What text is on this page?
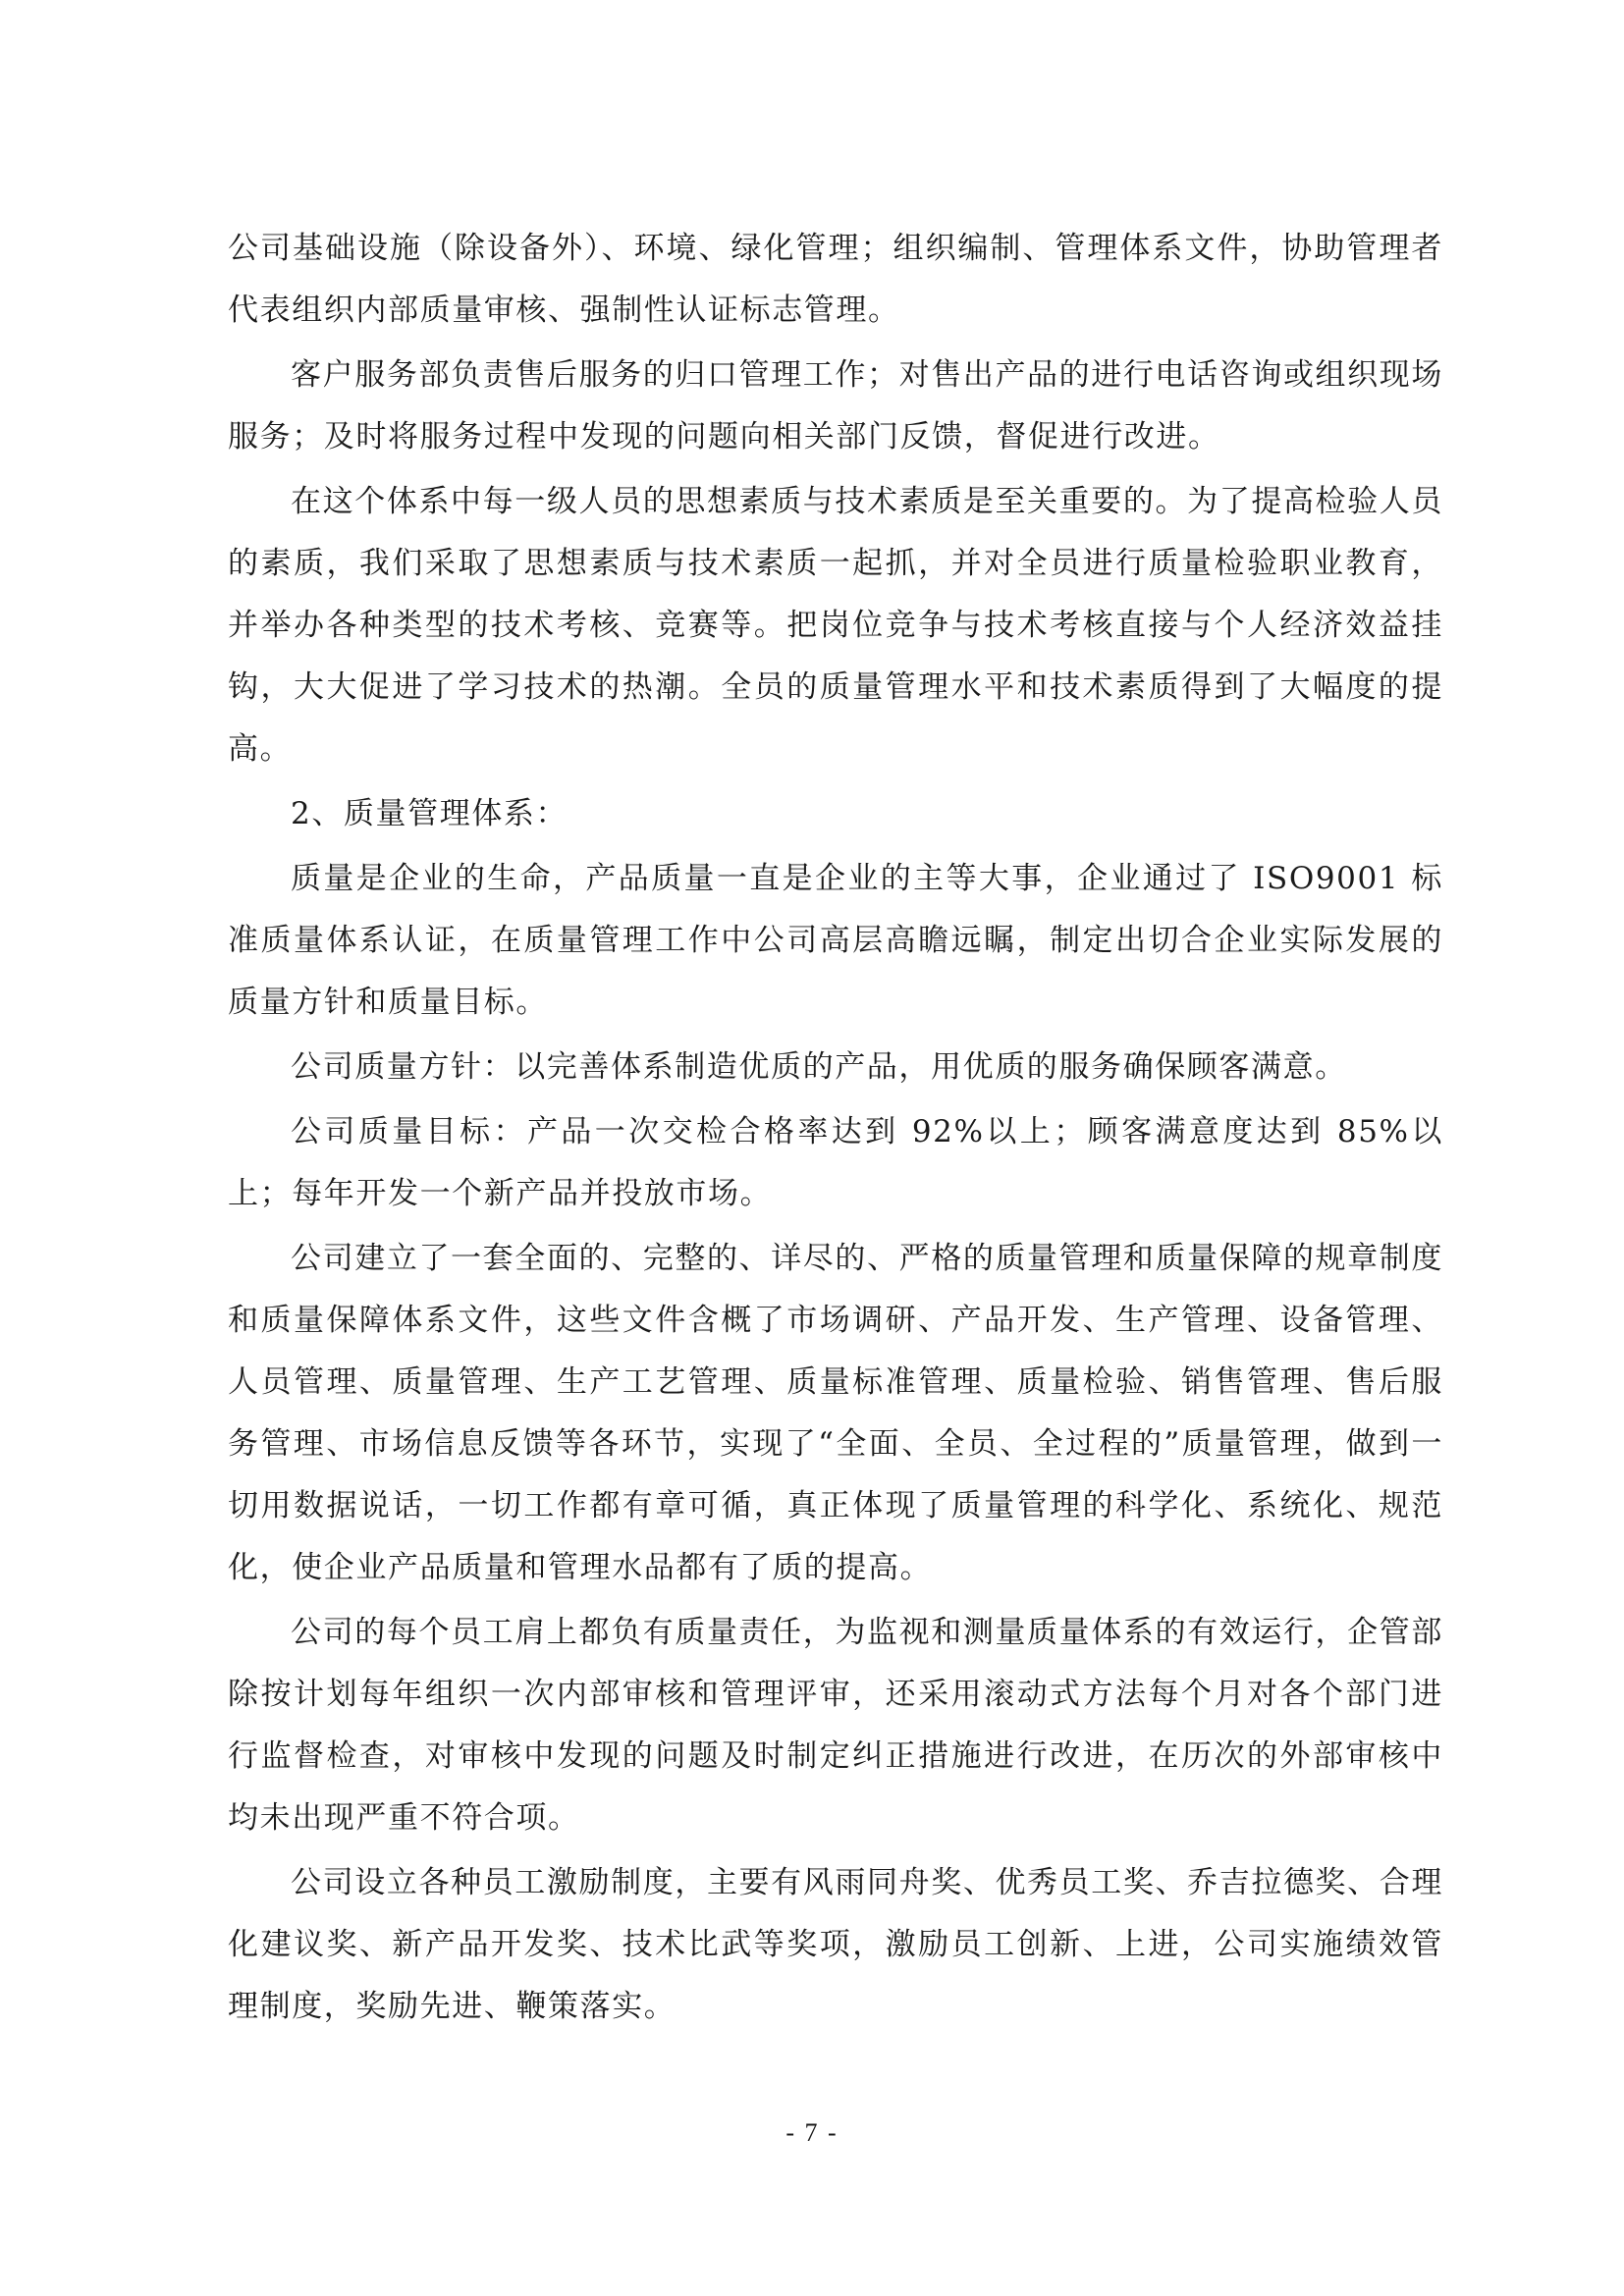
公司基础设施（除设备外）、环境、绿化管理；组织编制、管理体系文件，协助管理者代表组织内部质量审核、强制性认证标志管理。

客户服务部负责售后服务的归口管理工作；对售出产品的进行电话咨询或组织现场服务；及时将服务过程中发现的问题向相关部门反馈，督促进行改进。

在这个体系中每一级人员的思想素质与技术素质是至关重要的。为了提高检验人员的素质，我们采取了思想素质与技术素质一起抓，并对全员进行质量检验职业教育，并举办各种类型的技术考核、竞赛等。把岗位竞争与技术考核直接与个人经济效益挂钩，大大促进了学习技术的热潮。全员的质量管理水平和技术素质得到了大幅度的提高。

2、质量管理体系：

质量是企业的生命，产品质量一直是企业的主等大事，企业通过了 ISO9001 标准质量体系认证，在质量管理工作中公司高层高瞻远瞩，制定出切合企业实际发展的质量方针和质量目标。

公司质量方针：以完善体系制造优质的产品，用优质的服务确保顾客满意。

公司质量目标：产品一次交检合格率达到 92%以上；顾客满意度达到 85%以上；每年开发一个新产品并投放市场。

公司建立了一套全面的、完整的、详尽的、严格的质量管理和质量保障的规章制度和质量保障体系文件，这些文件含概了市场调研、产品开发、生产管理、设备管理、人员管理、质量管理、生产工艺管理、质量标准管理、质量检验、销售管理、售后服务管理、市场信息反馈等各环节，实现了“全面、全员、全过程的”质量管理，做到一切用数据说话，一切工作都有章可循，真正体现了质量管理的科学化、系统化、规范化，使企业产品质量和管理水品都有了质的提高。

公司的每个员工肩上都负有质量责任，为监视和测量质量体系的有效运行，企管部除按计划每年组织一次内部审核和管理评审，还采用滚动式方法每个月对各个部门进行监督检查，对审核中发现的问题及时制定纠正措施进行改进，在历次的外部审核中均未出现严重不符合项。

公司设立各种员工激励制度，主要有风雨同舟奖、优秀员工奖、乔吉拉德奖、合理化建议奖、新产品开发奖、技术比武等奖项，激励员工创新、上进，公司实施绩效管理制度，奖励先进、鞭策落实。

- 7 -
